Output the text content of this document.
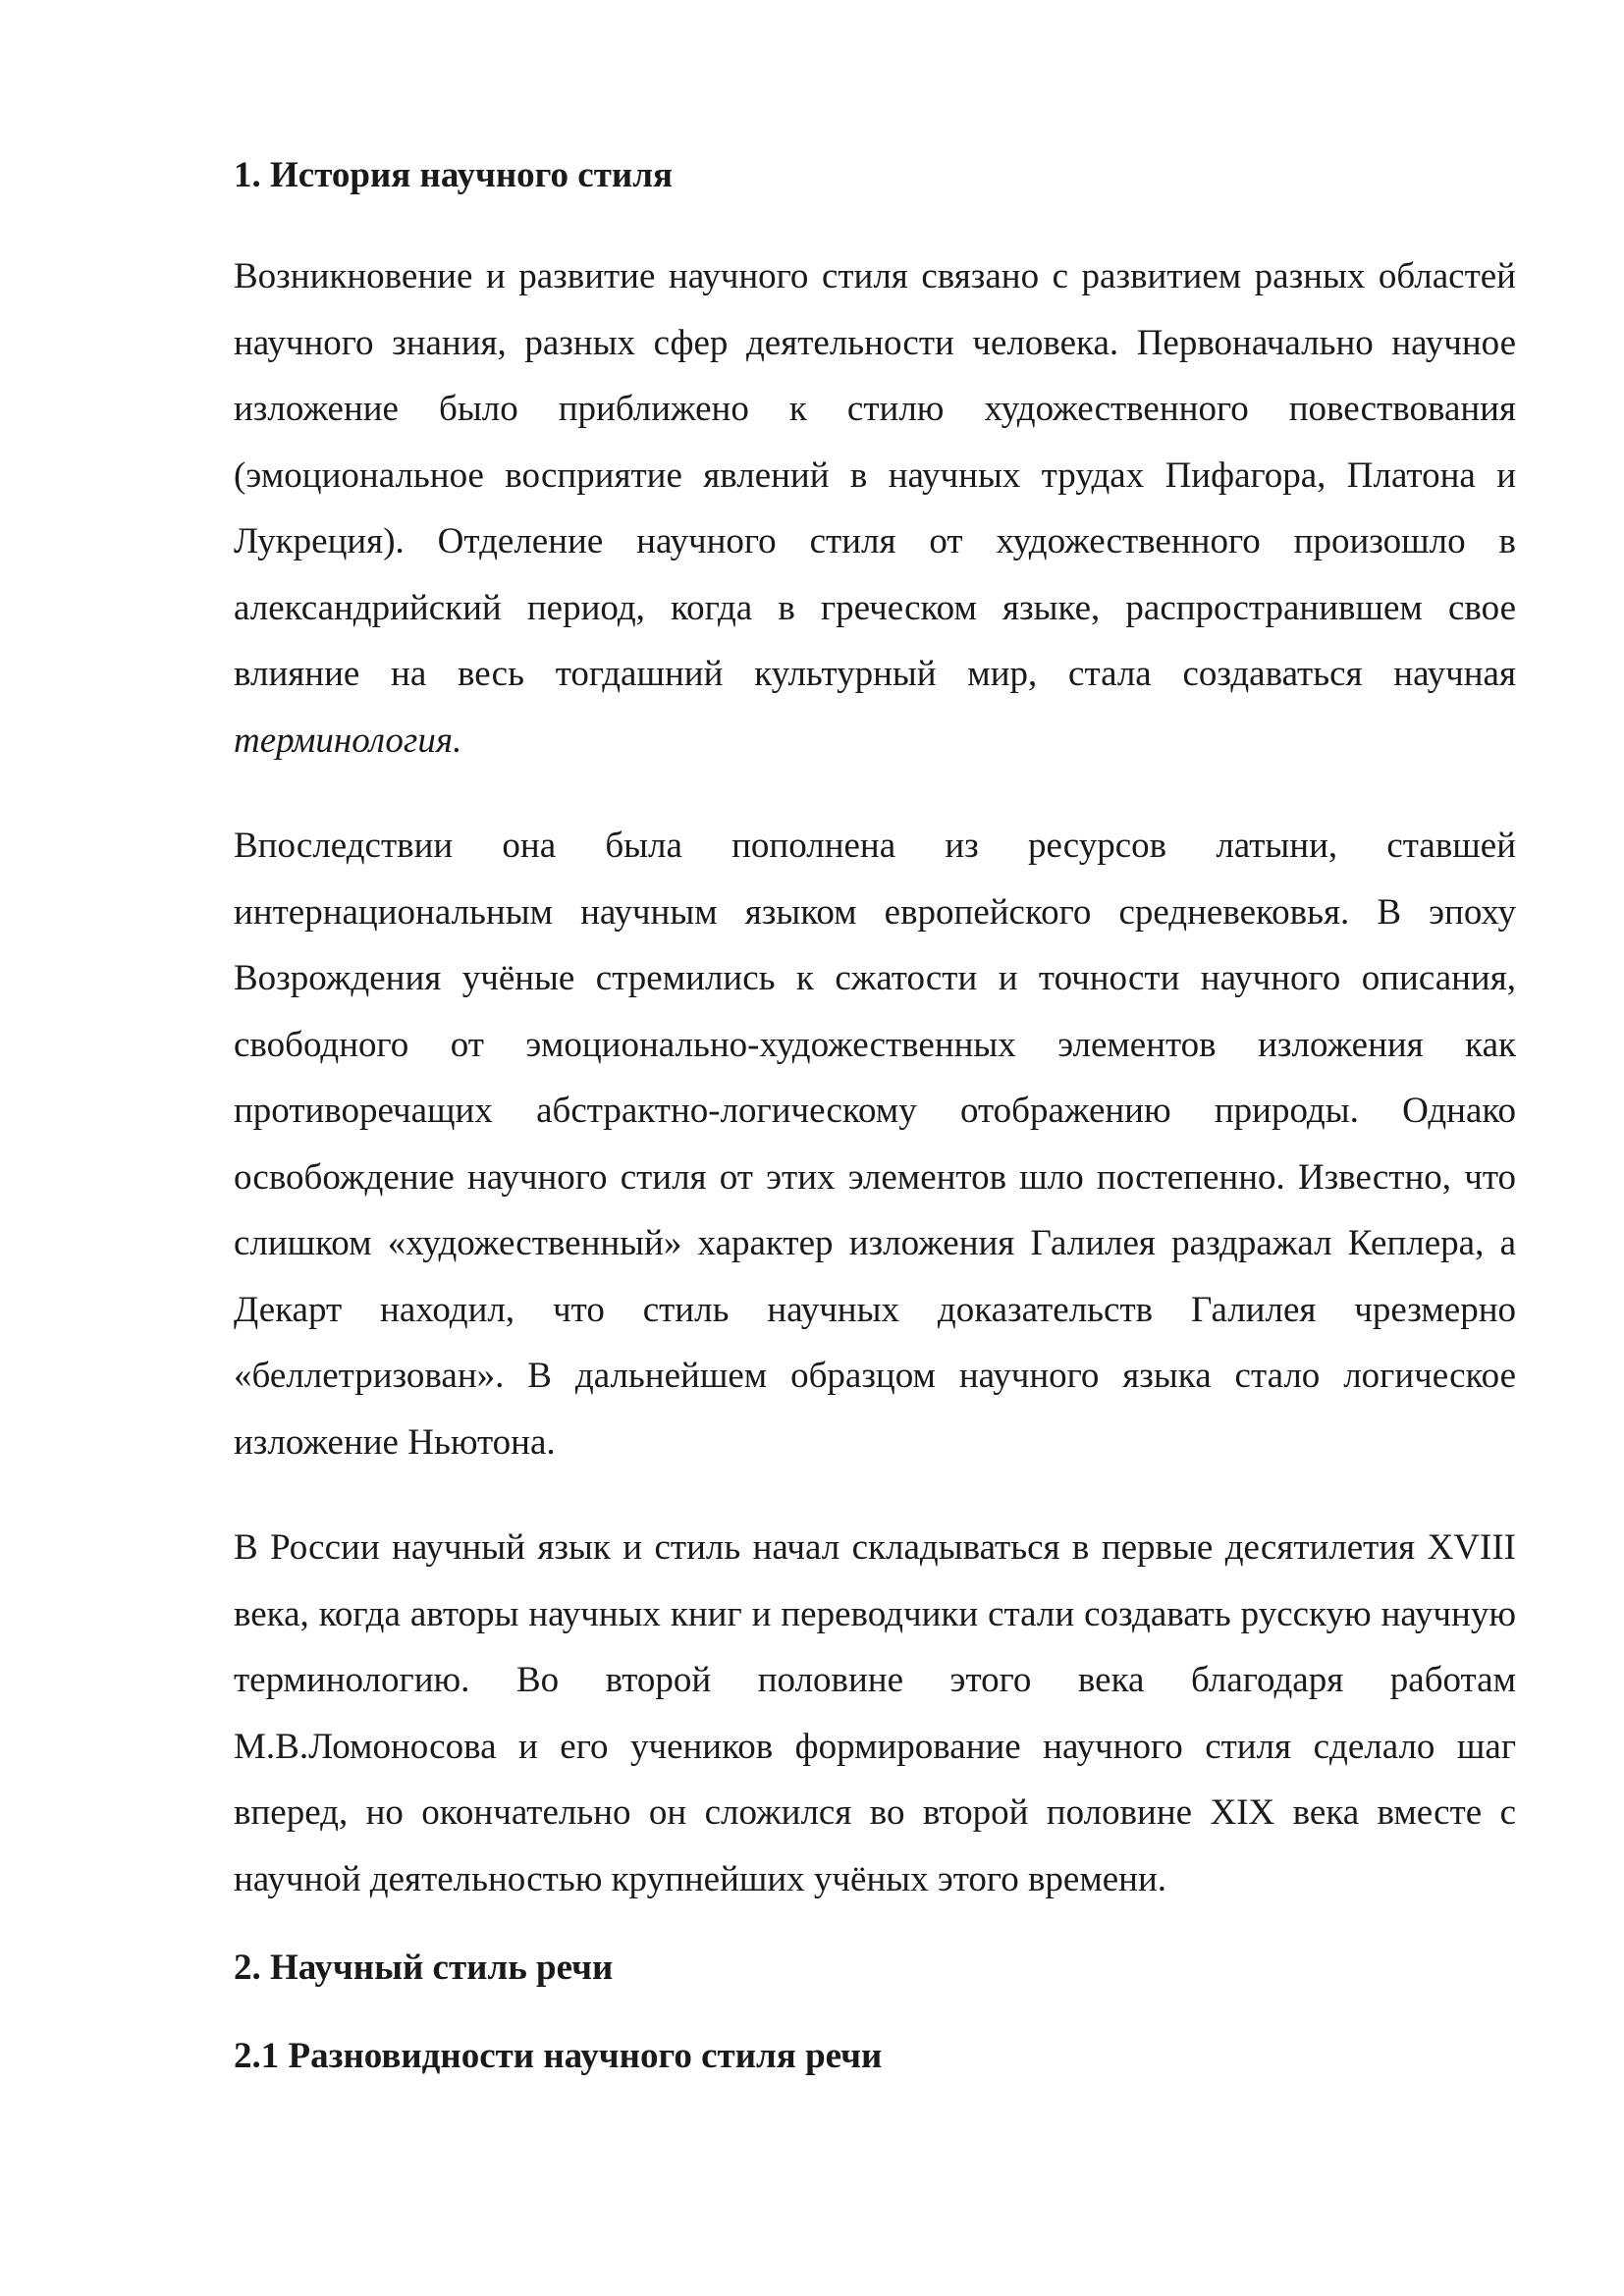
1. История научного стиля

Возникновение и развитие научного стиля связано с развитием разных областей научного знания, разных сфер деятельности человека. Первоначально научное изложение было приближено к стилю художественного повествования (эмоциональное восприятие явлений в научных трудах Пифагора, Платона и Лукреция). Отделение научного стиля от художественного произошло в александрийский период, когда в греческом языке, распространившем свое влияние на весь тогдашний культурный мир, стала создаваться научная терминология.

Впоследствии она была пополнена из ресурсов латыни, ставшей интернациональным научным языком европейского средневековья. В эпоху Возрождения учёные стремились к сжатости и точности научного описания, свободного от эмоционально-художественных элементов изложения как противоречащих абстрактно-логическому отображению природы. Однако освобождение научного стиля от этих элементов шло постепенно. Известно, что слишком «художественный» характер изложения Галилея раздражал Кеплера, а Декарт находил, что стиль научных доказательств Галилея чрезмерно «беллетризован». В дальнейшем образцом научного языка стало логическое изложение Ньютона.

В России научный язык и стиль начал складываться в первые десятилетия XVIII века, когда авторы научных книг и переводчики стали создавать русскую научную терминологию. Во второй половине этого века благодаря работам М.В.Ломоносова и его учеников формирование научного стиля сделало шаг вперед, но окончательно он сложился во второй половине XIX века вместе с научной деятельностью крупнейших учёных этого времени.

2. Научный стиль речи
2.1 Разновидности научного стиля речи
